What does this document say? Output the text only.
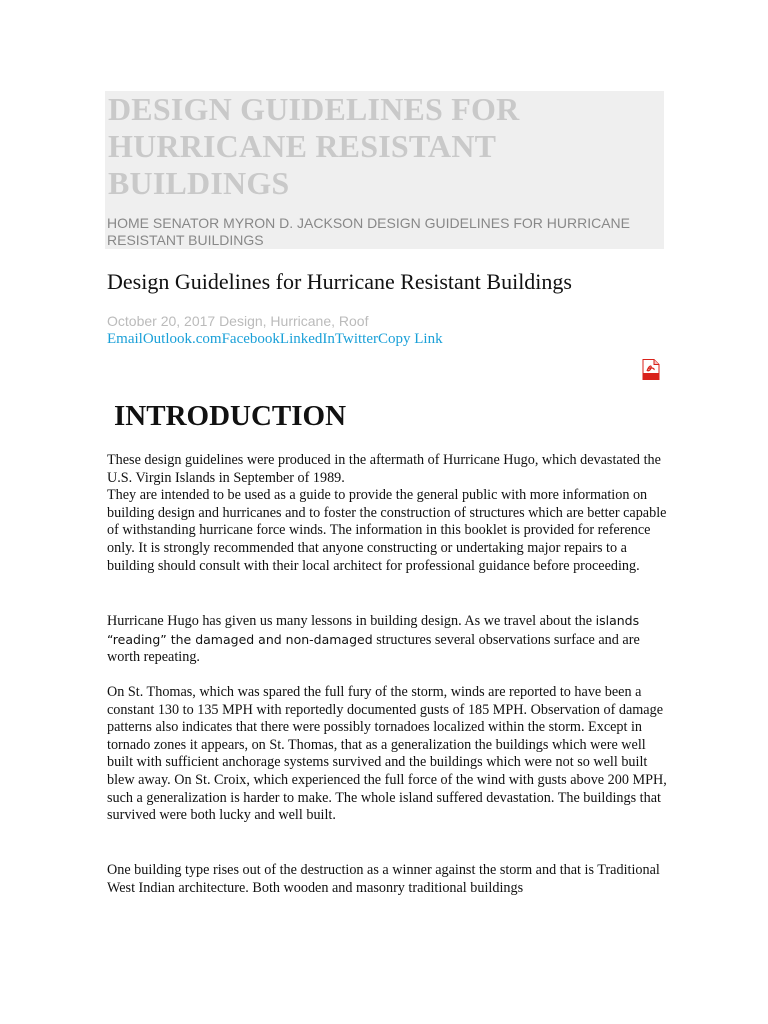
DESIGN GUIDELINES FOR HURRICANE RESISTANT BUILDINGS
HOME SENATOR MYRON D. JACKSON DESIGN GUIDELINES FOR HURRICANE RESISTANT BUILDINGS
Design Guidelines for Hurricane Resistant Buildings
October 20, 2017 Design, Hurricane, Roof
EmailOutlook.comFacebookLinkedInTwitterCopy Link
INTRODUCTION
These design guidelines were produced in the aftermath of Hurricane Hugo, which devastated the U.S. Virgin Islands in September of 1989.
They are intended to be used as a guide to provide the general public with more information on building design and hurricanes and to foster the construction of structures which are better capable of withstanding hurricane force winds. The information in this booklet is provided for reference only. It is strongly recommended that anyone constructing or undertaking major repairs to a building should consult with their local architect for professional guidance before proceeding.
Hurricane Hugo has given us many lessons in building design. As we travel about the islands “reading” the damaged and non-damaged structures several observations surface and are worth repeating.
On St. Thomas, which was spared the full fury of the storm, winds are reported to have been a constant 130 to 135 MPH with reportedly documented gusts of 185 MPH. Observation of damage patterns also indicates that there were possibly tornadoes localized within the storm. Except in tornado zones it appears, on St. Thomas, that as a generalization the buildings which were well built with sufficient anchorage systems survived and the buildings which were not so well built blew away. On St. Croix, which experienced the full force of the wind with gusts above 200 MPH, such a generalization is harder to make. The whole island suffered devastation. The buildings that survived were both lucky and well built.
One building type rises out of the destruction as a winner against the storm and that is Traditional West Indian architecture. Both wooden and masonry traditional buildings
